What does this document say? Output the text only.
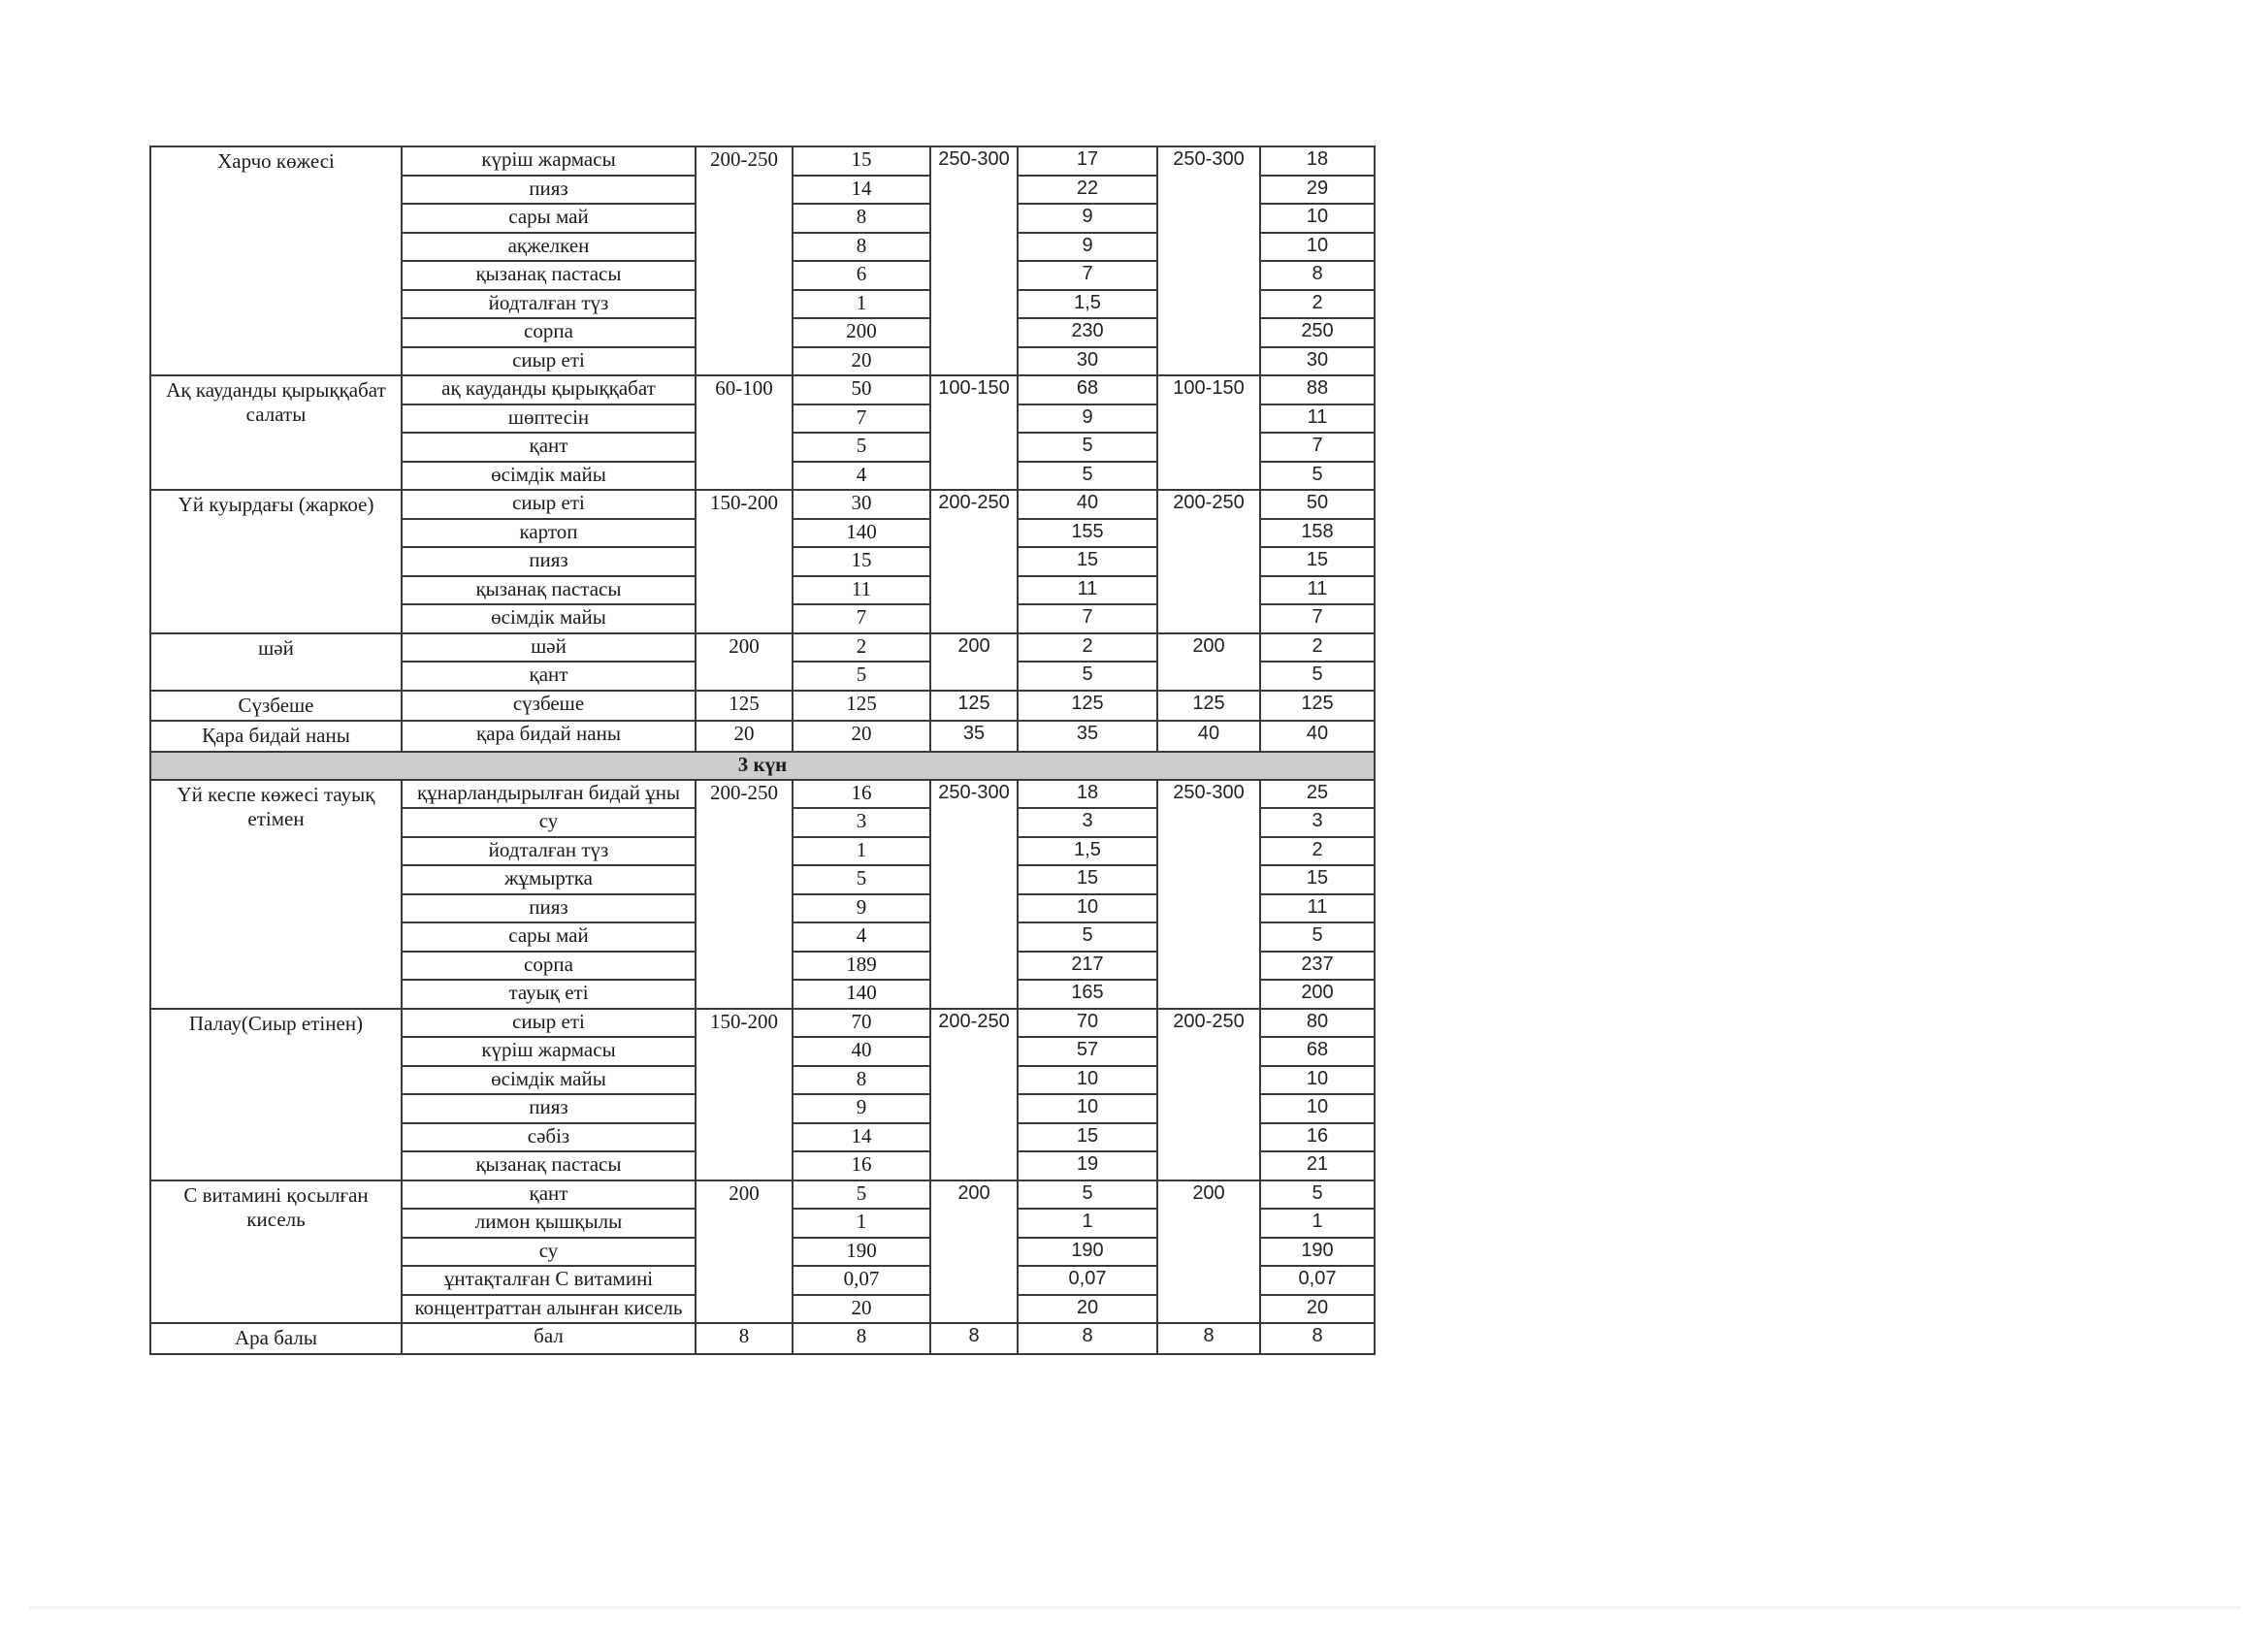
Харчо көжесі	күріш жармасы	200-250	15	250-300	17	250-300	18
	пияз		14		22		29
	сары май		8		9		10
	ақжелкен		8		9		10
	қызанақ пастасы		6		7		8
	йодталған түз		1		1,5		2
	сорпа		200		230		250
	сиыр еті		20		30		30
Ақ кауданды қырыққабат салаты	ақ кауданды қырыққабат	60-100	50	100-150	68	100-150	88
	шөптесін		7		9		11
	қант		5		5		7
	өсімдік майы		4		5		5
Үй куырдағы (жаркое)	сиыр еті	150-200	30	200-250	40	200-250	50
	картоп		140		155		158
	пияз		15		15		15
	қызанақ пастасы		11		11		11
	өсімдік майы		7		7		7
шәй	шәй	200	2	200	2	200	2
	қант		5		5		5
Сүзбеше	сүзбеше	125	125	125	125	125	125
Қара бидай наны	қара бидай наны	20	20	35	35	40	40
3 күн							
Үй кеспе көжесі тауық етімен	құнарландырылған бидай ұны	200-250	16	250-300	18	250-300	25
	су		3		3		3
	йодталған түз		1		1,5		2
	жұмыртка		5		15		15
	пияз		9		10		11
	сары май		4		5		5
	сорпа		189		217		237
	тауық еті		140		165		200
Палау(Сиыр етінен)	сиыр еті	150-200	70	200-250	70	200-250	80
	күріш жармасы		40		57		68
	өсімдік майы		8		10		10
	пияз		9		10		10
	сәбіз		14		15		16
	қызанақ пастасы		16		19		21
С витамині қосылған кисель	қант	200	5	200	5	200	5
	лимон қышқылы		1		1		1
	су		190		190		190
	ұнтақталған С витамині		0,07		0,07		0,07
	концентраттан алынған кисель		20		20		20
Ара балы	бал	8	8	8	8	8	8
